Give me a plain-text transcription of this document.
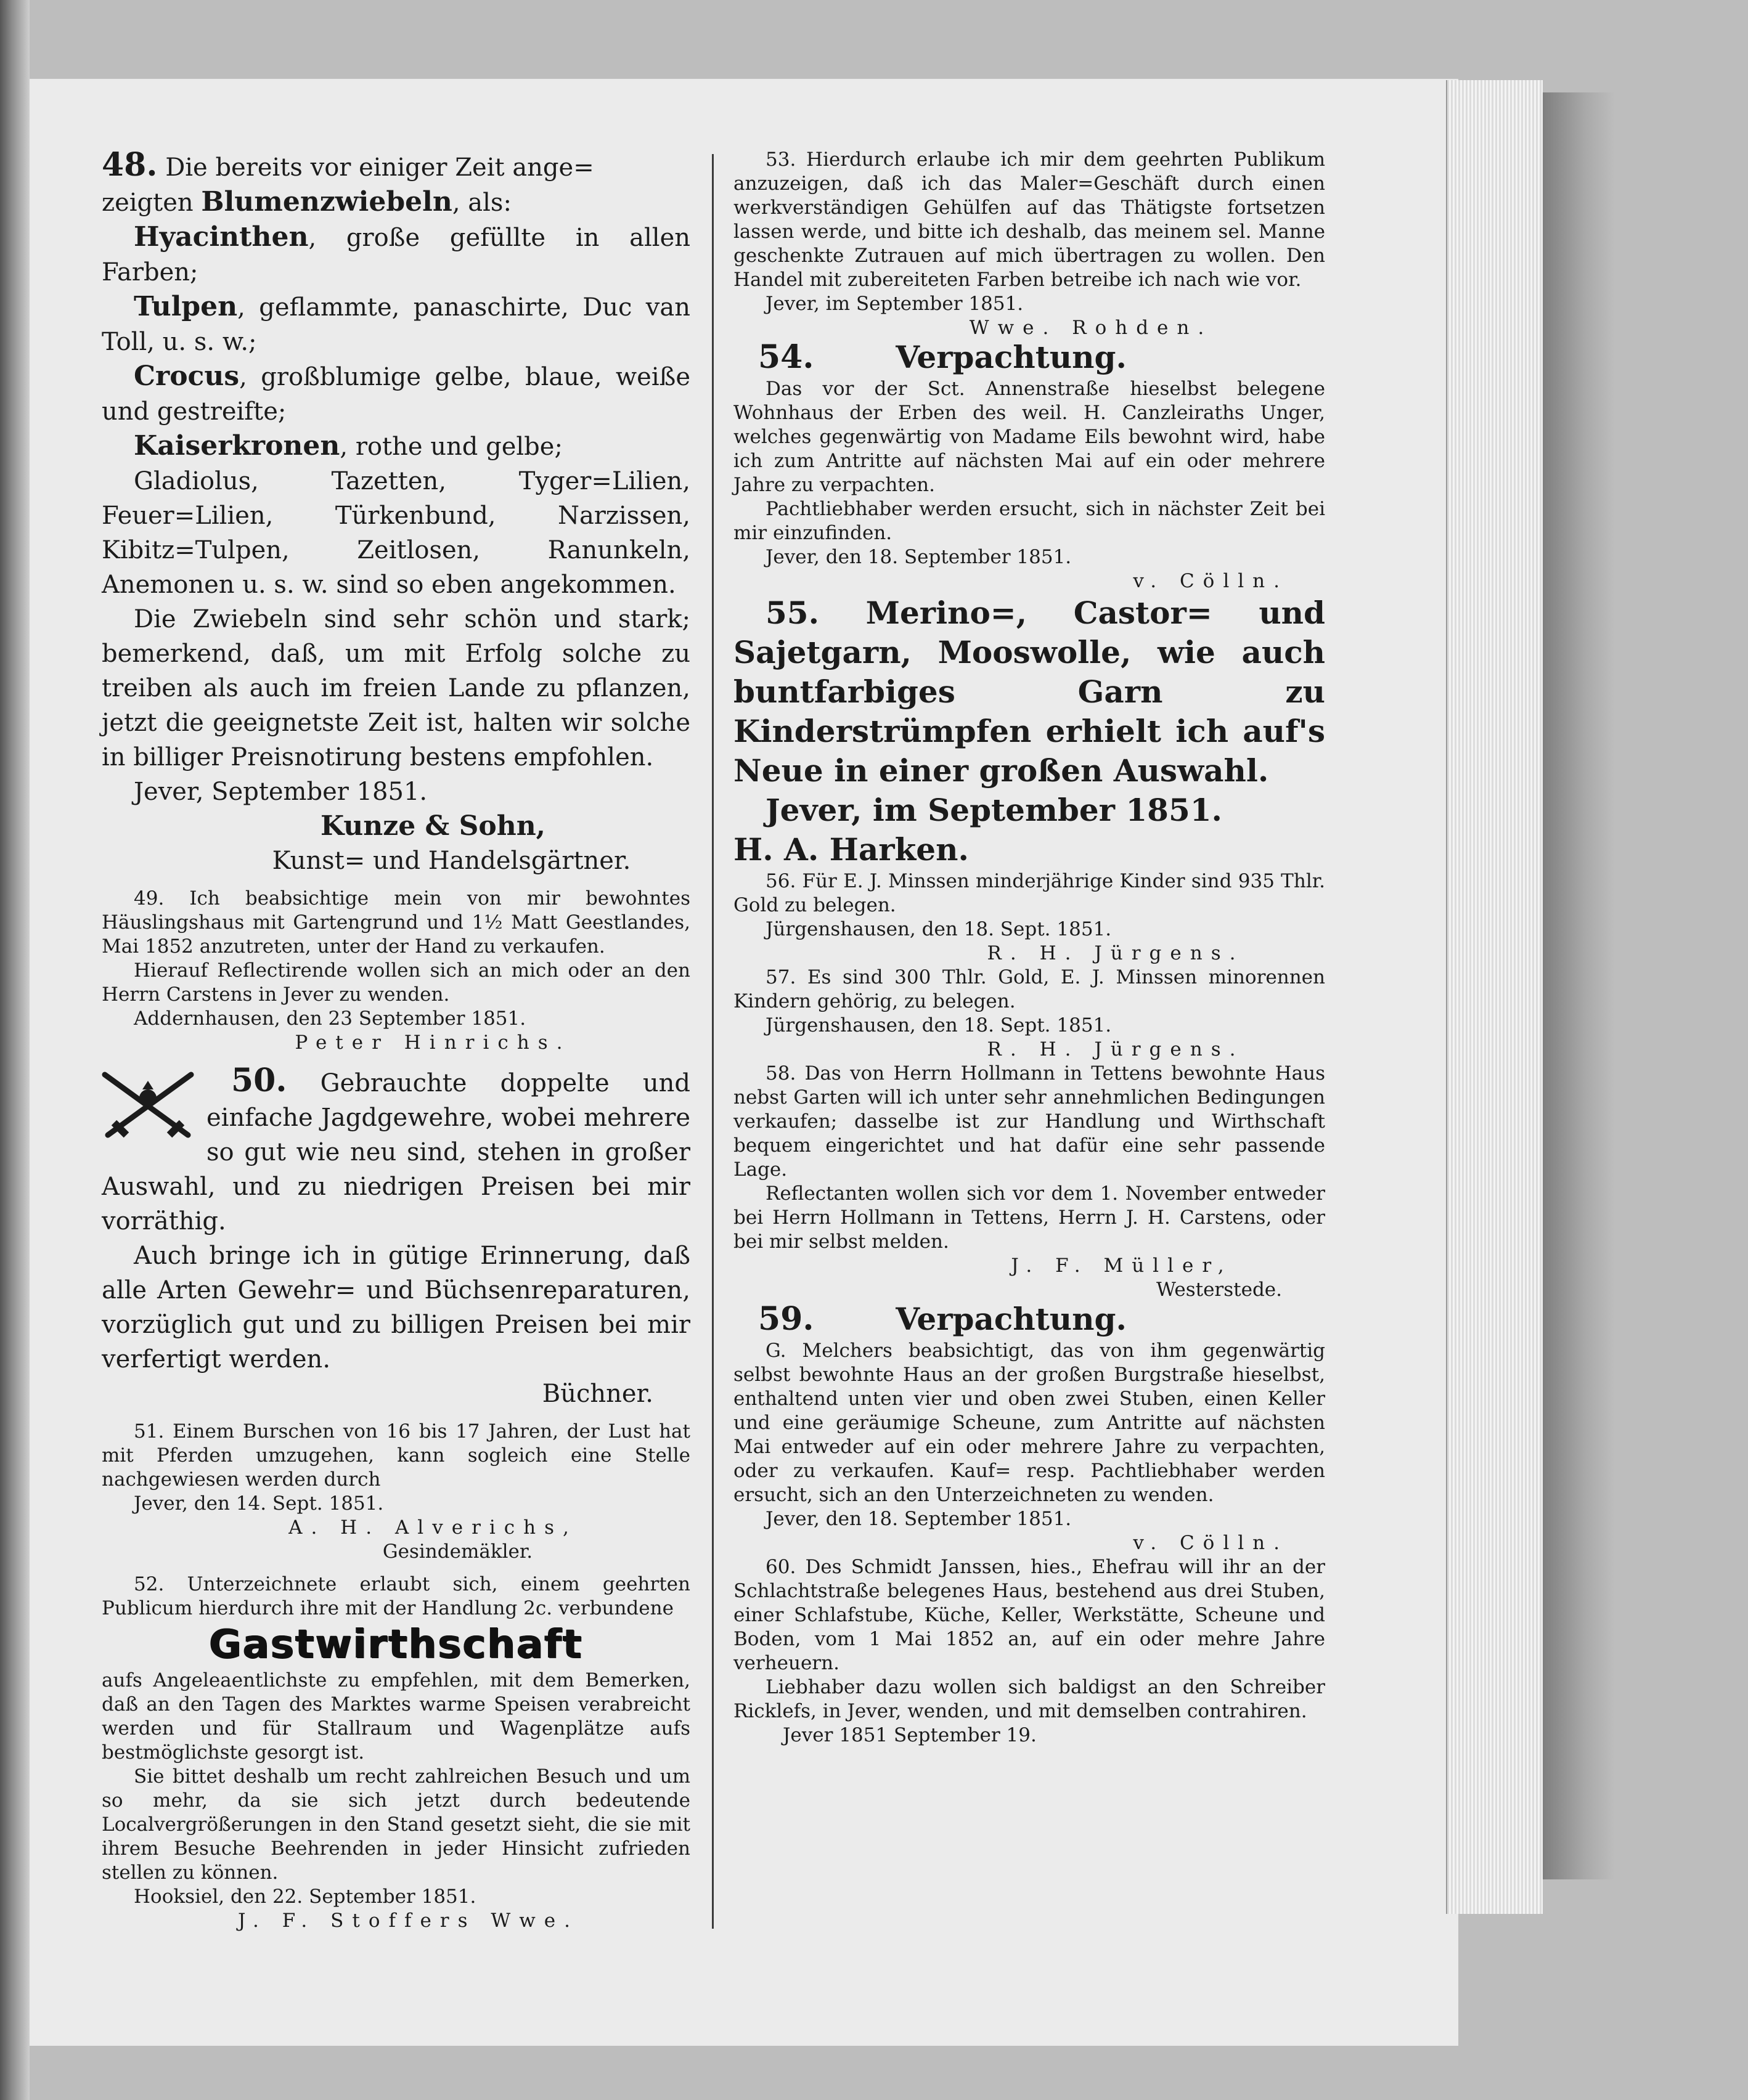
48. Die bereits vor einiger Zeit ange=

zeigten Blumenzwiebeln, als:

Hyacinthen, große gefüllte in allen Farben;

Tulpen, geflammte, panaschirte, Duc van Toll, u. s. w.;

Crocus, großblumige gelbe, blaue, weiße und gestreifte;

Kaiserkronen, rothe und gelbe;

Gladiolus, Tazetten, Tyger=Lilien, Feuer=Lilien, Türkenbund, Narzissen, Kibitz=Tulpen, Zeitlosen, Ranunkeln, Anemonen u. s. w. sind so eben angekommen.

Die Zwiebeln sind sehr schön und stark; bemerkend, daß, um mit Erfolg solche zu treiben als auch im freien Lande zu pflanzen, jetzt die geeignetste Zeit ist, halten wir solche in billiger Preisnotirung bestens empfohlen.

Jever, September 1851.

Kunze & Sohn,

Kunst= und Handelsgärtner.

49. Ich beabsichtige mein von mir bewohntes Häuslingshaus mit Gartengrund und 1½ Matt Geestlandes, Mai 1852 anzutreten, unter der Hand zu verkaufen.

Hierauf Reflectirende wollen sich an mich oder an den Herrn Carstens in Jever zu wenden.

Addernhausen, den 23 September 1851.

Peter Hinrichs.

50. Gebrauchte doppelte und einfache Jagdgewehre, wobei mehrere so gut wie neu sind, stehen in großer Auswahl, und zu niedrigen Preisen bei mir vorräthig.

Auch bringe ich in gütige Erinnerung, daß alle Arten Gewehr= und Büchsenreparaturen, vorzüglich gut und zu billigen Preisen bei mir verfertigt werden.

Büchner.

51. Einem Burschen von 16 bis 17 Jahren, der Lust hat mit Pferden umzugehen, kann sogleich eine Stelle nachgewiesen werden durch

Jever, den 14. Sept. 1851.

A. H. Alverichs,

Gesindemäkler.

52. Unterzeichnete erlaubt sich, einem geehrten Publicum hierdurch ihre mit der Handlung 2c. verbundene

Gastwirthschaft

aufs Angeleaentlichste zu empfehlen, mit dem Bemerken, daß an den Tagen des Marktes warme Speisen verabreicht werden und für Stallraum und Wagenplätze aufs bestmöglichste gesorgt ist.

Sie bittet deshalb um recht zahlreichen Besuch und um so mehr, da sie sich jetzt durch bedeutende Localvergrößerungen in den Stand gesetzt sieht, die sie mit ihrem Besuche Beehrenden in jeder Hinsicht zufrieden stellen zu können.

Hooksiel, den 22. September 1851.

J. F. Stoffers Wwe.

53. Hierdurch erlaube ich mir dem geehrten Publikum anzuzeigen, daß ich das Maler=Geschäft durch einen werkverständigen Gehülfen auf das Thätigste fortsetzen lassen werde, und bitte ich deshalb, das meinem sel. Manne geschenkte Zutrauen auf mich übertragen zu wollen. Den Handel mit zubereiteten Farben betreibe ich nach wie vor.

Jever, im September 1851.

Wwe. Rohden.

54.	Verpachtung.

Das vor der Sct. Annenstraße hieselbst belegene Wohnhaus der Erben des weil. H. Canzleiraths Unger, welches gegenwärtig von Madame Eils bewohnt wird, habe ich zum Antritte auf nächsten Mai auf ein oder mehrere Jahre zu verpachten.

Pachtliebhaber werden ersucht, sich in nächster Zeit bei mir einzufinden.

Jever, den 18. September 1851.

v. Cölln.

55. Merino=, Castor= und Sajetgarn, Mooswolle, wie auch buntfarbiges Garn zu Kinderstrümpfen erhielt ich auf's Neue in einer großen Auswahl.

Jever, im September 1851.

H. A. Harken.

56. Für E. J. Minssen minderjährige Kinder sind 935 Thlr. Gold zu belegen.

Jürgenshausen, den 18. Sept. 1851.

R. H. Jürgens.

57. Es sind 300 Thlr. Gold, E. J. Minssen minorennen Kindern gehörig, zu belegen.

Jürgenshausen, den 18. Sept. 1851.

R. H. Jürgens.

58. Das von Herrn Hollmann in Tettens bewohnte Haus nebst Garten will ich unter sehr annehmlichen Bedingungen verkaufen; dasselbe ist zur Handlung und Wirthschaft bequem eingerichtet und hat dafür eine sehr passende Lage.

Reflectanten wollen sich vor dem 1. November entweder bei Herrn Hollmann in Tettens, Herrn J. H. Carstens, oder bei mir selbst melden.

J. F. Müller,

Westerstede.

59.	Verpachtung.

G. Melchers beabsichtigt, das von ihm gegenwärtig selbst bewohnte Haus an der großen Burgstraße hieselbst, enthaltend unten vier und oben zwei Stuben, einen Keller und eine geräumige Scheune, zum Antritte auf nächsten Mai entweder auf ein oder mehrere Jahre zu verpachten, oder zu verkaufen. Kauf= resp. Pachtliebhaber werden ersucht, sich an den Unterzeichneten zu wenden.

Jever, den 18. September 1851.

v. Cölln.

60. Des Schmidt Janssen, hies., Ehefrau will ihr an der Schlachtstraße belegenes Haus, bestehend aus drei Stuben, einer Schlafstube, Küche, Keller, Werkstätte, Scheune und Boden, vom 1 Mai 1852 an, auf ein oder mehre Jahre verheuern.

Liebhaber dazu wollen sich baldigst an den Schreiber Ricklefs, in Jever, wenden, und mit demselben contrahiren.

Jever 1851 September 19.
